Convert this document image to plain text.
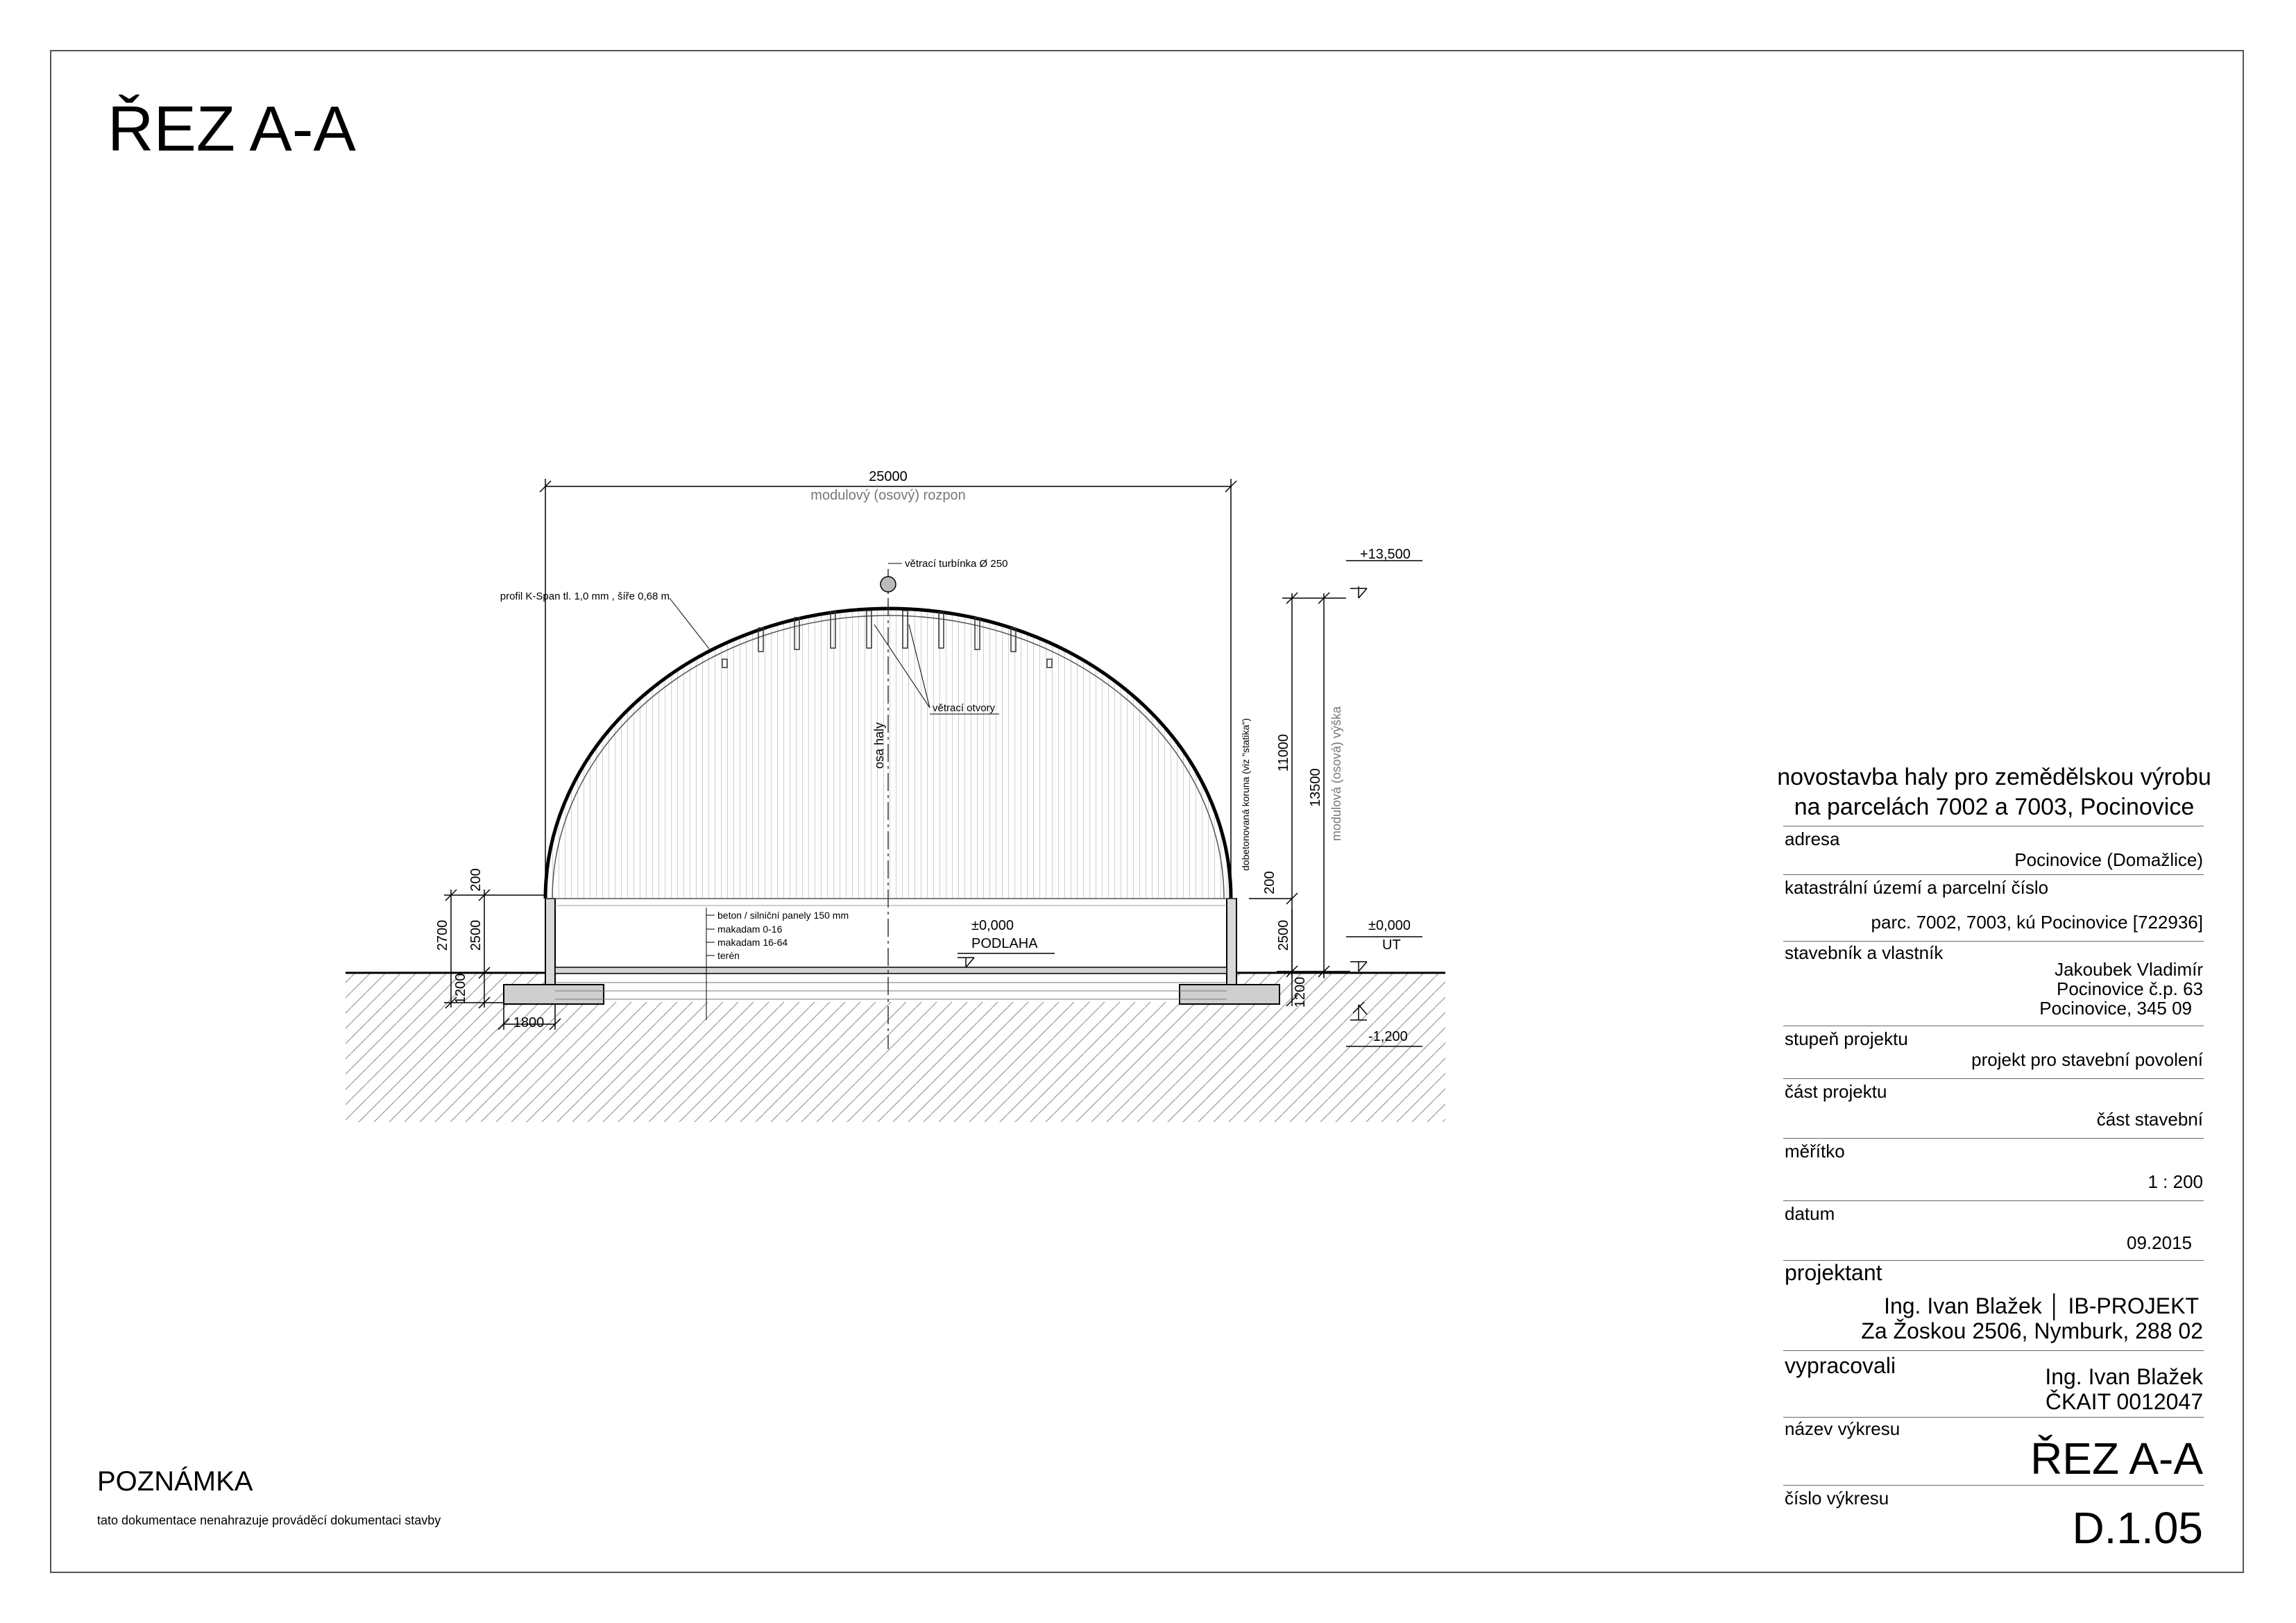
ŘEZ A-A
25000
modulový (osový) rozpon
větrací turbínka Ø 250
profil K-Span tl. 1,0 mm , šíře 0,68 m
větrací otvory
osa haly	dobetonovaná koruna (viz "statika") 11000
13500 modulová (osová) výška
200
2500
1200
200
2700 2500
1200
1800
+13,500
±0,000
UT
-1,200
±0,000
PODLAHA
beton / silniční panely 150 mm
makadam 0-16
makadam 16-64
terén
POZNÁMKA
tato dokumentace nenahrazuje prováděcí dokumentaci stavby
novostavba haly pro zemědělskou výrobu
na parcelách 7002 a 7003, Pocinovice
adresa
Pocinovice (Domažlice)
katastrální území a parcelní číslo
parc. 7002, 7003, kú Pocinovice [722936]
stavebník a vlastník
Jakoubek Vladimír
Pocinovice č.p. 63
Pocinovice, 345 09
stupeň projektu
projekt pro stavební povolení
část projektu
část stavební
měřítko
1 : 200
datum
09.2015
projektant
Ing. Ivan Blažek │ IB-PROJEKT
Za Žoskou 2506, Nymburk, 288 02
vypracovali	Ing. Ivan Blažek
ČKAIT 0012047
název výkresu
ŘEZ A-A
číslo výkresu
D.1.05
